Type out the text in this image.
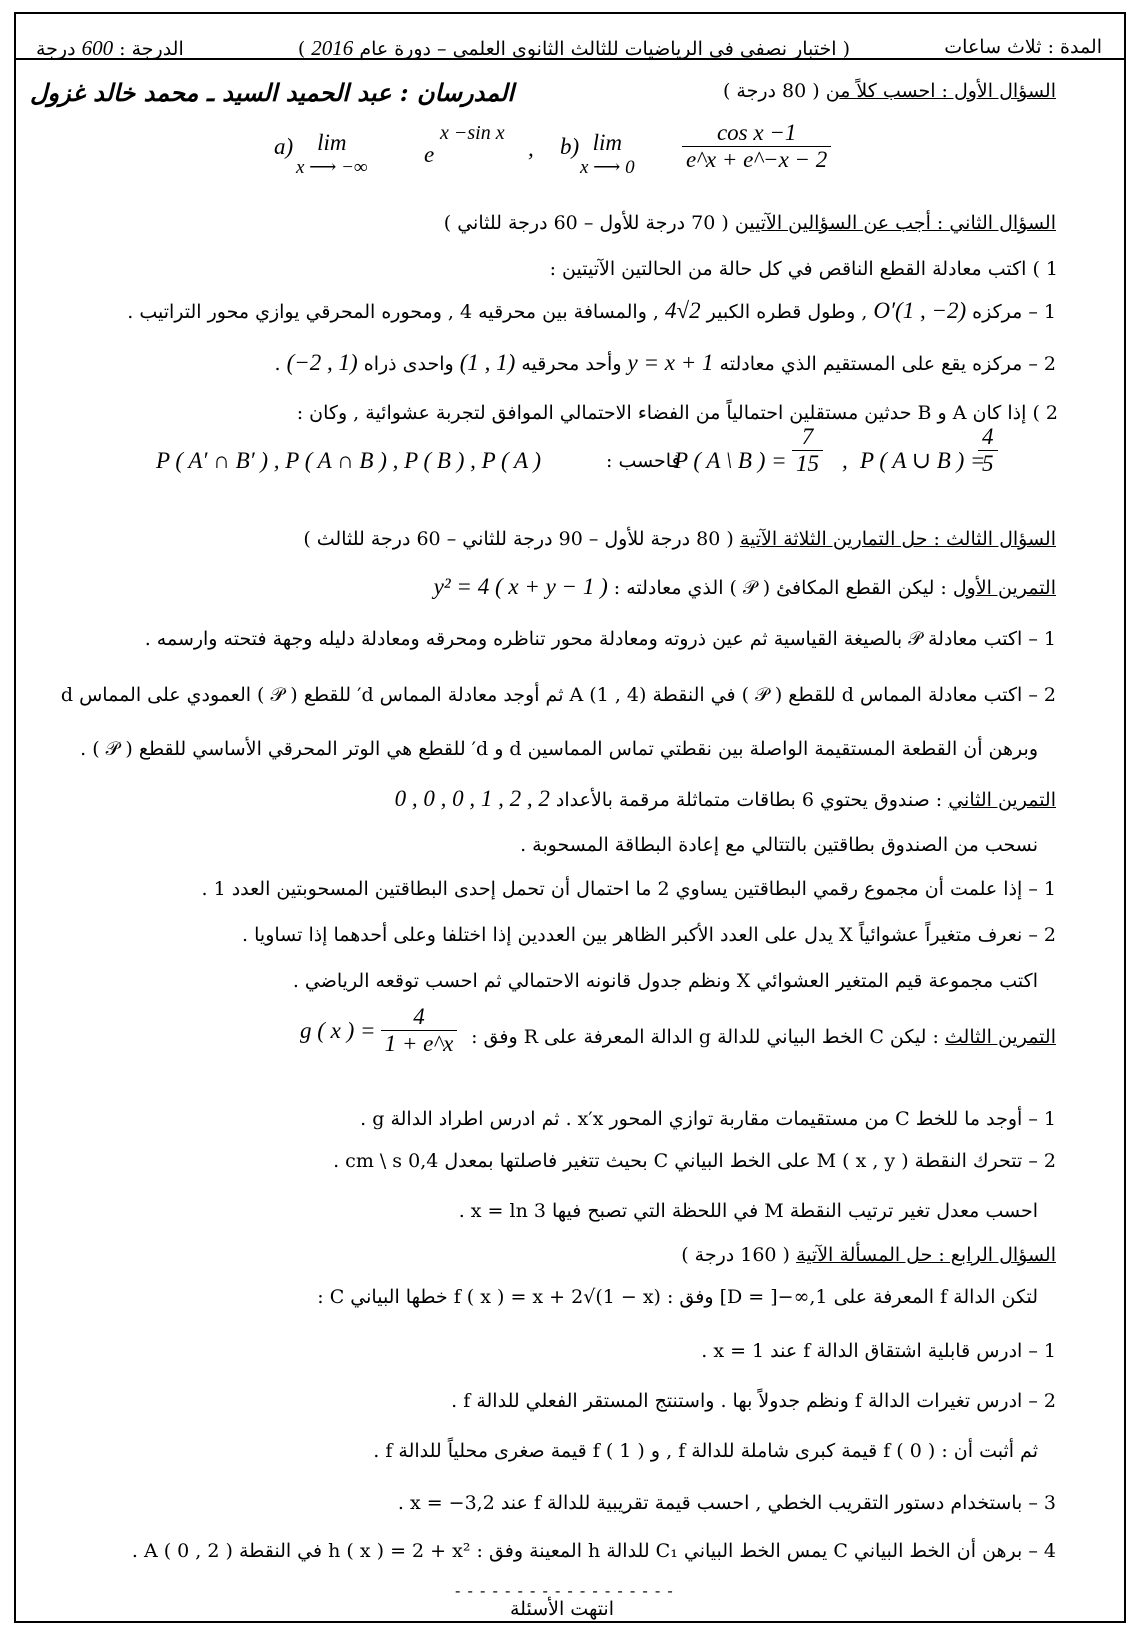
المدة : ثلاث ساعات
( اختبار نصفي في الرياضيات للثالث الثانوي العلمي – دورة عام 2016 )
الدرجة : 600 درجة
المدرسان : عبد الحميد السيد ـ محمد خالد غزول	السؤال الأول : احسب كلاً من ( 80 درجة )
a)	lim
x ⟶ −∞
e
x −sin x
, b) lim
x ⟶ $0 \frac{\text{cos x −1}}{e\^{}x + e\^{}-x - 2}$
السؤال الثاني : أجب عن السؤالين الآتيين ( 70 درجة للأول – 60 درجة للثاني )
1 ) اكتب معادلة القطع الناقص في كل حالة من الحالتين الآتيتين :
1 – مركزه O′(1 , −2) , وطول قطره الكبير 4√2 , والمسافة بين محرقيه 4 , ومحوره المحرقي يوازي محور التراتيب .
2 – مركزه يقع على المستقيم الذي معادلته y = x + 1 وأحد محرقيه (1 , 1) واحدى ذراه (−2 , 1) .
2 ) إذا كان A و B حدثين مستقلين احتمالياً من الفضاء الاحتمالي الموافق لتجربة عشوائية , وكان :
P ( A′ ∩ B′ ) , P ( A ∩ B ) , P ( B ) , P ( A )	فاحسب :
P ( A \ B ) = $\frac{7}{15}$ , P ( A ∪ B ) =
$\frac{4}{5}$
السؤال الثالث : حل التمارين الثلاثة الآتية ( 80 درجة للأول – 90 درجة للثاني – 60 درجة للثالث )
التمرين الأول : ليكن القطع المكافئ ( 𝒫 ) الذي معادلته : y² = 4 ( x + y − 1 )
1 – اكتب معادلة 𝒫 بالصيغة القياسية ثم عين ذروته ومعادلة محور تناظره ومحرقه ومعادلة دليله وجهة فتحته وارسمه .
2 – اكتب معادلة المماس d للقطع ( 𝒫 ) في النقطة A (1 , 4) ثم أوجد معادلة المماس d′ للقطع ( 𝒫 ) العمودي على المماس d
وبرهن أن القطعة المستقيمة الواصلة بين نقطتي تماس المماسين d و d′ للقطع هي الوتر المحرقي الأساسي للقطع ( 𝒫 ) .
التمرين الثاني : صندوق يحتوي 6 بطاقات متماثلة مرقمة بالأعداد 0 , 0 , 0 , 1 , 2 , 2
نسحب من الصندوق بطاقتين بالتتالي مع إعادة البطاقة المسحوبة .
1 – إذا علمت أن مجموع رقمي البطاقتين يساوي 2 ما احتمال أن تحمل إحدى البطاقتين المسحوبتين العدد 1 .
2 – نعرف متغيراً عشوائياً X يدل على العدد الأكبر الظاهر بين العددين إذا اختلفا وعلى أحدهما إذا تساويا .
اكتب مجموعة قيم المتغير العشوائي X ونظم جدول قانونه الاحتمالي ثم احسب توقعه الرياضي .
التمرين الثالث : ليكن C الخط البياني للدالة g الدالة المعرفة على R وفق :
g ( x ) = $\frac{4}{1 + e\^{}x}$
1 – أوجد ما للخط C من مستقيمات مقاربة توازي المحور x′x . ثم ادرس اطراد الدالة g .
2 – تتحرك النقطة M ( x , y ) على الخط البياني C بحيث تتغير فاصلتها بمعدل 0,4 cm \ s .
احسب معدل تغير ترتيب النقطة M في اللحظة التي تصبح فيها x = ln 3 .
السؤال الرابع : حل المسألة الآتية ( 160 درجة )
لتكن الدالة f المعرفة على D = ]−∞,1] وفق : f ( x ) = x + 2√(1 − x) خطها البياني C :
1 – ادرس قابلية اشتقاق الدالة f عند x = 1 .
2 – ادرس تغيرات الدالة f ونظم جدولاً بها . واستنتج المستقر الفعلي للدالة f .
ثم أثبت أن : f ( 0 ) قيمة كبرى شاملة للدالة f , و f ( 1 ) قيمة صغرى محلياً للدالة f .
3 – باستخدام دستور التقريب الخطي , احسب قيمة تقريبية للدالة f عند x = −3,2 .
4 – برهن أن الخط البياني C يمس الخط البياني C₁ للدالة h المعينة وفق : h ( x ) = 2 + x² في النقطة A ( 0 , 2 ) .
- - - - - - - - - - - - - - - - - -
انتهت الأسئلة
